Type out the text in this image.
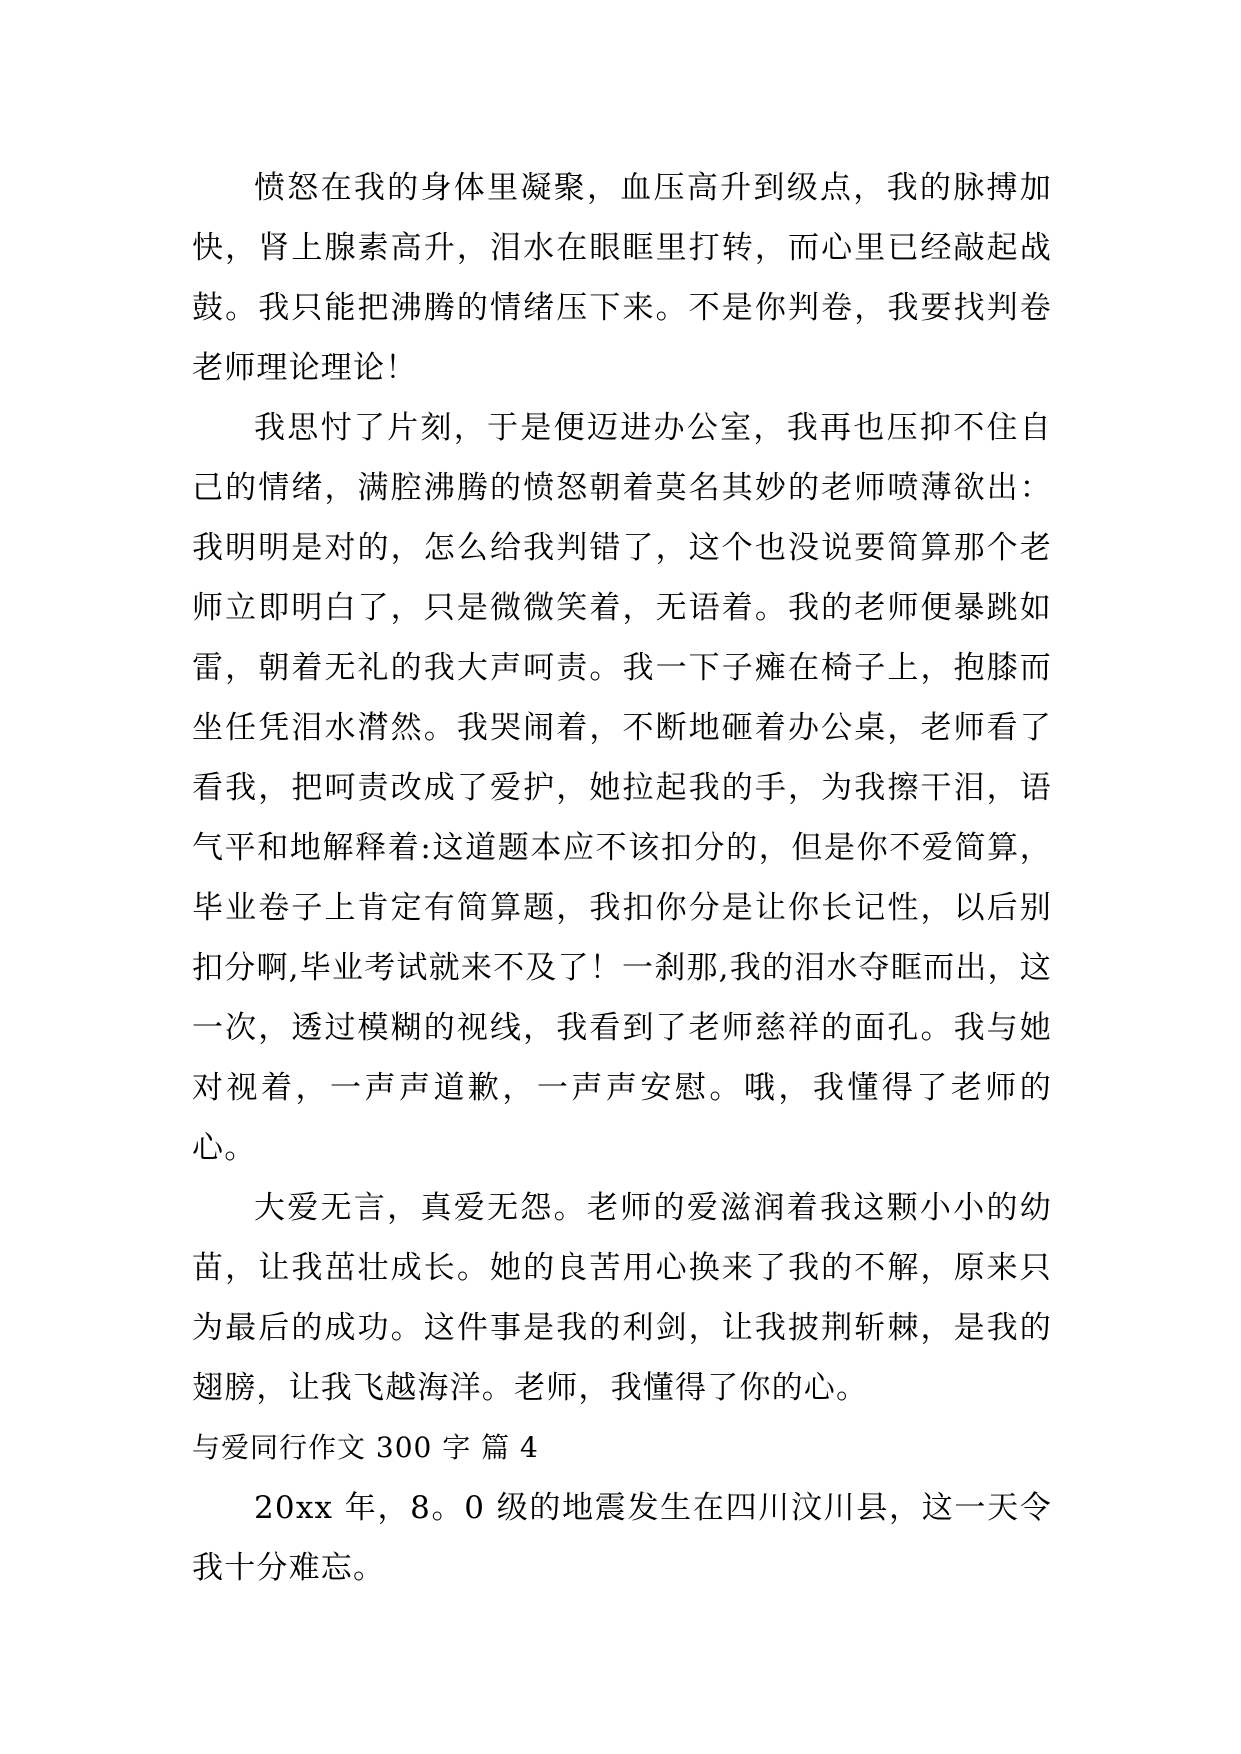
愤怒在我的身体里凝聚，血压高升到级点，我的脉搏加快，肾上腺素高升，泪水在眼眶里打转，而心里已经敲起战鼓。我只能把沸腾的情绪压下来。不是你判卷，我要找判卷老师理论理论！

我思忖了片刻，于是便迈进办公室，我再也压抑不住自己的情绪，满腔沸腾的愤怒朝着莫名其妙的老师喷薄欲出：我明明是对的，怎么给我判错了，这个也没说要简算那个老师立即明白了，只是微微笑着，无语着。我的老师便暴跳如雷，朝着无礼的我大声呵责。我一下子瘫在椅子上，抱膝而坐任凭泪水潸然。我哭闹着，不断地砸着办公桌，老师看了看我，把呵责改成了爱护，她拉起我的手，为我擦干泪，语气平和地解释着:这道题本应不该扣分的，但是你不爱简算，毕业卷子上肯定有简算题，我扣你分是让你长记性，以后别扣分啊,毕业考试就来不及了！一刹那,我的泪水夺眶而出，这一次，透过模糊的视线，我看到了老师慈祥的面孔。我与她对视着，一声声道歉，一声声安慰。哦，我懂得了老师的心。

大爱无言，真爱无怨。老师的爱滋润着我这颗小小的幼苗，让我茁壮成长。她的良苦用心换来了我的不解，原来只为最后的成功。这件事是我的利剑，让我披荆斩棘，是我的翅膀，让我飞越海洋。老师，我懂得了你的心。

与爱同行作文 300 字 篇 4

20xx 年，8。0 级的地震发生在四川汶川县，这一天令我十分难忘。
